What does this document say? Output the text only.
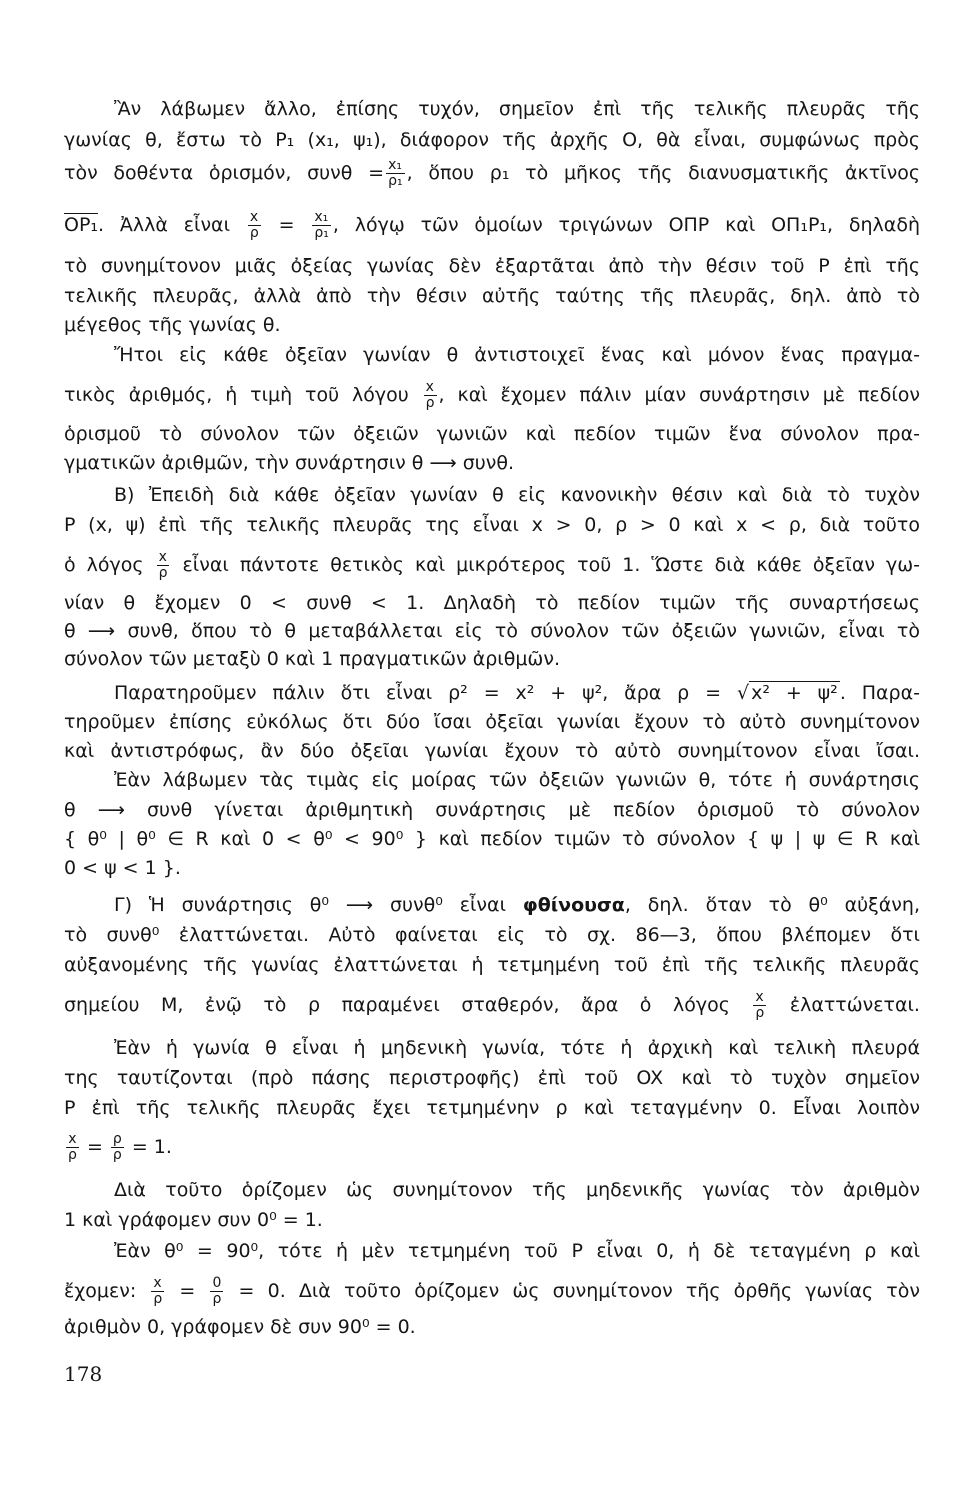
Ἂν λάβωμεν ἄλλο, ἐπίσης τυχόν, σημεῖον ἐπὶ τῆς τελικῆς πλευρᾶς τῆς
γωνίας θ, ἔστω τὸ P₁ (x₁, ψ₁), διάφορον τῆς ἀρχῆς O, θὰ εἶναι, συμφώνως πρὸς
τὸν δοθέντα ὁρισμόν, $\sigma\upsilon\nu\theta = \frac{\text{x₁}}{\text{ρ₁}}$ , ὅπου ρ₁ τὸ μῆκος τῆς διανυσματικῆς ἀκτῖνος
OP₁. Ἀλλὰ εἶναι $\frac{x}{\rho} = \frac{\text{x₁}}{\text{ρ₁}}$ , λόγῳ τῶν ὁμοίων τριγώνων OΠP καὶ OΠ₁P₁, δηλαδὴ
τὸ συνημίτονον μιᾶς ὀξείας γωνίας δὲν ἐξαρτᾶται ἀπὸ τὴν θέσιν τοῦ P ἐπὶ τῆς
τελικῆς πλευρᾶς, ἀλλὰ ἀπὸ τὴν θέσιν αὐτῆς ταύτης τῆς πλευρᾶς, δηλ. ἀπὸ τὸ
μέγεθος τῆς γωνίας θ.
Ἤτοι εἰς κάθε ὀξεῖαν γωνίαν θ ἀντιστοιχεῖ ἕνας καὶ μόνον ἕνας πραγμα-
τικὸς ἀριθμός, ἡ τιμὴ τοῦ λόγου $\frac{x}{\rho}$ , καὶ ἔχομεν πάλιν μίαν συνάρτησιν μὲ πεδίον
ὁρισμοῦ τὸ σύνολον τῶν ὀξειῶν γωνιῶν καὶ πεδίον τιμῶν ἕνα σύνολον πρα-
γματικῶν ἀριθμῶν, τὴν συνάρτησιν θ ⟶ συνθ.
B) Ἐπειδὴ διὰ κάθε ὀξεῖαν γωνίαν θ εἰς κανονικὴν θέσιν καὶ διὰ τὸ τυχὸν
P (x, ψ) ἐπὶ τῆς τελικῆς πλευρᾶς της εἶναι x > 0, ρ > 0 καὶ x < ρ, διὰ τοῦτο
ὁ λόγος $\frac{x}{\rho}$ εἶναι πάντοτε θετικὸς καὶ μικρότερος τοῦ 1. Ὥστε διὰ κάθε ὀξεῖαν γω-
νίαν θ ἔχομεν 0 < συνθ < 1. Δηλαδὴ τὸ πεδίον τιμῶν τῆς συναρτήσεως
θ ⟶ συνθ, ὅπου τὸ θ μεταβάλλεται εἰς τὸ σύνολον τῶν ὀξειῶν γωνιῶν, εἶναι τὸ
σύνολον τῶν μεταξὺ 0 καὶ 1 πραγματικῶν ἀριθμῶν.
Παρατηροῦμεν πάλιν ὅτι εἶναι ρ² = x² + ψ², ἄρα ρ = √ x² + ψ² . Παρα-
τηροῦμεν ἐπίσης εὐκόλως ὅτι δύο ἴσαι ὀξεῖαι γωνίαι ἔχουν τὸ αὐτὸ συνημίτονον
καὶ ἀντιστρόφως, ἂν δύο ὀξεῖαι γωνίαι ἔχουν τὸ αὐτὸ συνημίτονον εἶναι ἴσαι.
Ἐὰν λάβωμεν τὰς τιμὰς εἰς μοίρας τῶν ὀξειῶν γωνιῶν θ, τότε ἡ συνάρτησις
θ ⟶ συνθ γίνεται ἀριθμητικὴ συνάρτησις μὲ πεδίον ὁρισμοῦ τὸ σύνολον
{ θ⁰ | θ⁰ ∈ R καὶ 0 < θ⁰ < 90⁰ } καὶ πεδίον τιμῶν τὸ σύνολον { ψ | ψ ∈ R καὶ
0 < ψ < 1 }.
Γ) Ἡ συνάρτησις θ⁰ ⟶ συνθ⁰ εἶναι φθίνουσα, δηλ. ὅταν τὸ θ⁰ αὐξάνη,
τὸ συνθ⁰ ἐλαττώνεται. Αὐτὸ φαίνεται εἰς τὸ σχ. 86—3, ὅπου βλέπομεν ὅτι
αὐξανομένης τῆς γωνίας ἐλαττώνεται ἡ τετμημένη τοῦ ἐπὶ τῆς τελικῆς πλευρᾶς
σημείου M, ἐνῷ τὸ ρ παραμένει σταθερόν, ἄρα ὁ λόγος $\frac{x}{\rho}$ ἐλαττώνεται.
Ἐὰν ἡ γωνία θ εἶναι ἡ μηδενικὴ γωνία, τότε ἡ ἀρχικὴ καὶ τελικὴ πλευρά
της ταυτίζονται (πρὸ πάσης περιστροφῆς) ἐπὶ τοῦ OX καὶ τὸ τυχὸν σημεῖον
P ἐπὶ τῆς τελικῆς πλευρᾶς ἔχει τετμημένην ρ καὶ τεταγμένην 0. Εἶναι λοιπὸν
$\frac{x}{\rho} = \frac{\rho}{\rho} = 1$.
Διὰ τοῦτο ὁρίζομεν ὡς συνημίτονον τῆς μηδενικῆς γωνίας τὸν ἀριθμὸν
1 καὶ γράφομεν συν 0⁰ = 1.
Ἐὰν θ⁰ = 90⁰, τότε ἡ μὲν τετμημένη τοῦ P εἶναι 0, ἡ δὲ τεταγμένη ρ καὶ
ἔχομεν: $\frac{x}{\rho} = \frac{0}{\rho} = 0$. Διὰ τοῦτο ὁρίζομεν ὡς συνημίτονον τῆς ὀρθῆς γωνίας τὸν
ἀριθμὸν 0, γράφομεν δὲ συν 90⁰ = 0.
178
